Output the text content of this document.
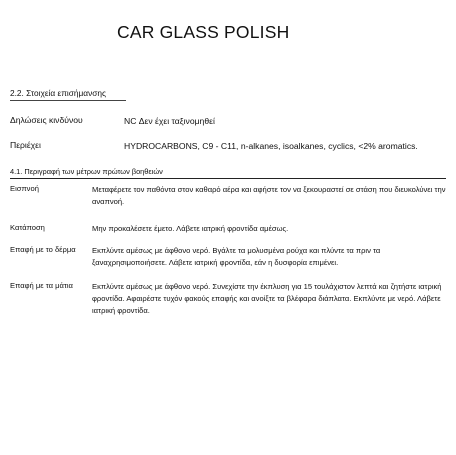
CAR GLASS POLISH
2.2. Στοιχεία επισήμανσης
Δηλώσεις κινδύνου	NC Δεν έχει ταξινομηθεί
Περιέχει	HYDROCARBONS, C9 - C11, n-alkanes, isoalkanes, cyclics, <2% aromatics.
4.1. Περιγραφή των μέτρων πρώτων βοηθειών
Εισπνοή	Μεταφέρετε τον παθόντα στον καθαρό αέρα και αφήστε τον να ξεκουραστεί σε στάση που διευκολύνει την αναπνοή.
Κατάποση	Μην προκαλέσετε έμετο. Λάβετε ιατρική φροντίδα αμέσως.
Επαφή με το δέρμα	Εκπλύντε αμέσως με άφθονο νερό. Βγάλτε τα μολυσμένα ρούχα και πλύντε τα πριν τα ξαναχρησιμοποιήσετε. Λάβετε ιατρική φροντίδα, εάν η δυσφορία επιμένει.
Επαφή με τα μάτια	Εκπλύντε αμέσως με άφθονο νερό. Συνεχίστε την έκπλυση για 15 τουλάχιστον λεπτά και ζητήστε ιατρική φροντίδα. Αφαιρέστε τυχόν φακούς επαφής και ανοίξτε τα βλέφαρα διάπλατα. Εκπλύντε με νερό. Λάβετε ιατρική φροντίδα.
